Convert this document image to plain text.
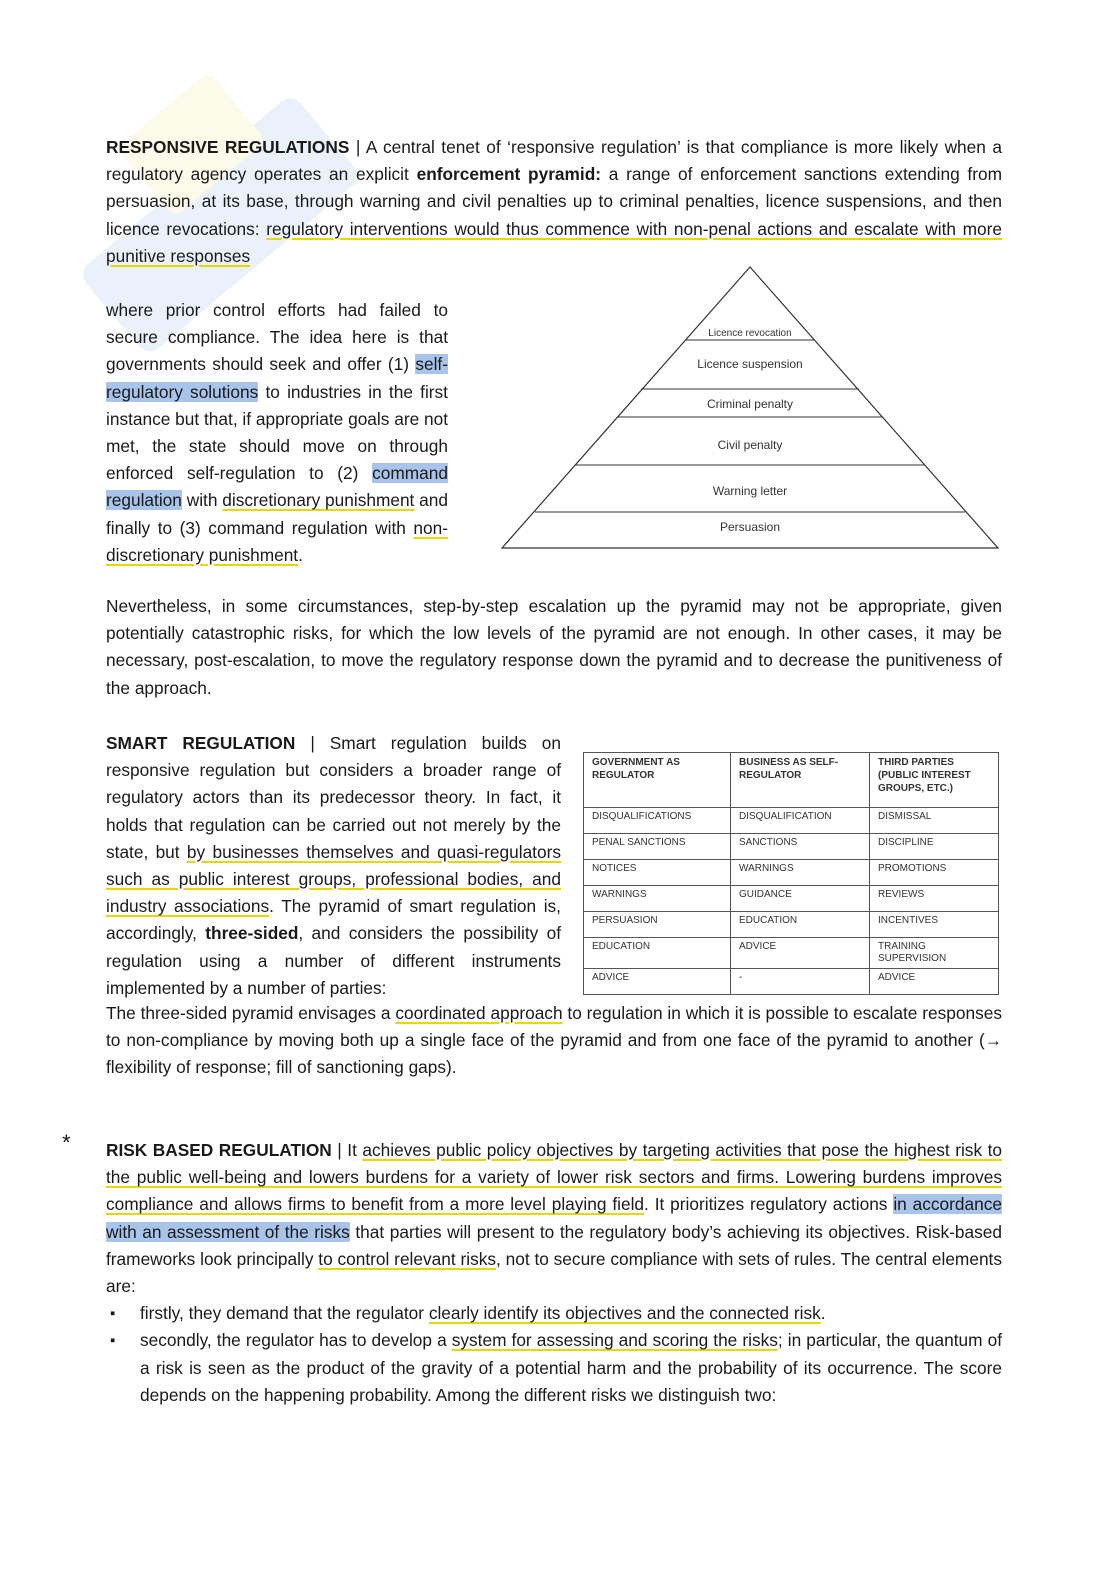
RESPONSIVE REGULATIONS | A central tenet of ‘responsive regulation’ is that compliance is more likely when a regulatory agency operates an explicit enforcement pyramid: a range of enforcement sanctions extending from persuasion, at its base, through warning and civil penalties up to criminal penalties, licence suspensions, and then licence revocations: regulatory interventions would thus commence with non-penal actions and escalate with more punitive responses

where prior control efforts had failed to secure compliance. The idea here is that governments should seek and offer (1) self-regulatory solutions to industries in the first instance but that, if appropriate goals are not met, the state should move on through enforced self-regulation to (2) command regulation with discretionary punishment and finally to (3) command regulation with non-discretionary punishment.

Licence revocation
Licence suspension
Criminal penalty
Civil penalty
Warning letter
Persuasion

Nevertheless, in some circumstances, step-by-step escalation up the pyramid may not be appropriate, given potentially catastrophic risks, for which the low levels of the pyramid are not enough. In other cases, it may be necessary, post-escalation, to move the regulatory response down the pyramid and to decrease the punitiveness of the approach.

SMART REGULATION | Smart regulation builds on responsive regulation but considers a broader range of regulatory actors than its predecessor theory. In fact, it holds that regulation can be carried out not merely by the state, but by businesses themselves and quasi-regulators such as public interest groups, professional bodies, and industry associations. The pyramid of smart regulation is, accordingly, three-sided, and considers the possibility of regulation using a number of different instruments implemented by a number of parties:

GOVERNMENT AS REGULATOR	BUSINESS AS SELF-REGULATOR	THIRD PARTIES (PUBLIC INTEREST GROUPS, ETC.)
DISQUALIFICATIONS	DISQUALIFICATION	DISMISSAL
PENAL SANCTIONS	SANCTIONS	DISCIPLINE
NOTICES	WARNINGS	PROMOTIONS
WARNINGS	GUIDANCE	REVIEWS
PERSUASION	EDUCATION	INCENTIVES
EDUCATION	ADVICE	TRAINING SUPERVISION
ADVICE	-	ADVICE

The three-sided pyramid envisages a coordinated approach to regulation in which it is possible to escalate responses to non-compliance by moving both up a single face of the pyramid and from one face of the pyramid to another (→ flexibility of response; fill of sanctioning gaps).

* RISK BASED REGULATION | It achieves public policy objectives by targeting activities that pose the highest risk to the public well-being and lowers burdens for a variety of lower risk sectors and firms. Lowering burdens improves compliance and allows firms to benefit from a more level playing field. It prioritizes regulatory actions in accordance with an assessment of the risks that parties will present to the regulatory body’s achieving its objectives. Risk-based frameworks look principally to control relevant risks, not to secure compliance with sets of rules. The central elements are:

▪ firstly, they demand that the regulator clearly identify its objectives and the connected risk.
▪ secondly, the regulator has to develop a system for assessing and scoring the risks; in particular, the quantum of a risk is seen as the product of the gravity of a potential harm and the probability of its occurrence. The score depends on the happening probability. Among the different risks we distinguish two:
